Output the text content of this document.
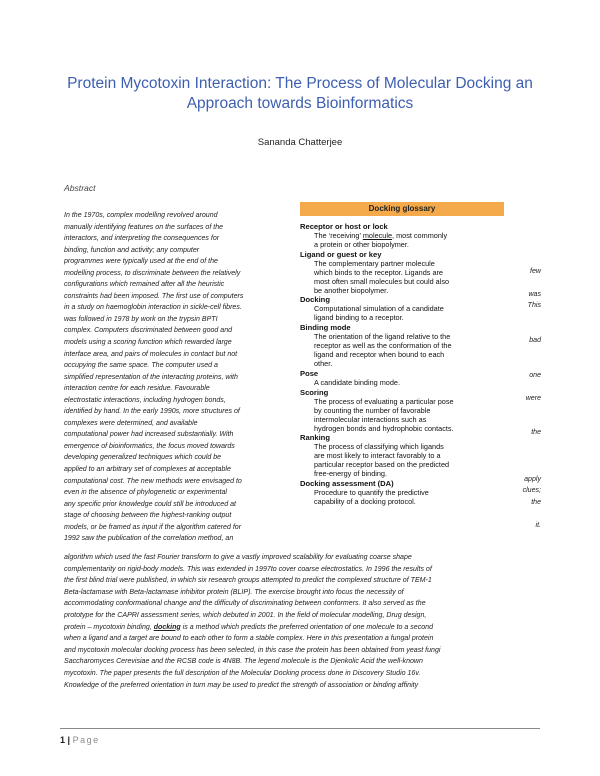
Protein Mycotoxin Interaction: The Process of Molecular Docking an Approach towards Bioinformatics
Sananda Chatterjee
Abstract
In the 1970s, complex modelling revolved around
manually identifying features on the surfaces of the
interactors, and interpreting the consequences for
binding, function and activity; any computer
programmes were typically used at the end of the
modelling process, to discriminate between the relatively
configurations which remained after all the heuristic
constraints had been imposed. The first use of computers
in a study on haemoglobin interaction in sickle-cell fibres.
was followed in 1978 by work on the trypsin BPTI
complex. Computers discriminated between good and
models using a scoring function which rewarded large
interface area, and pairs of molecules in contact but not
occupying the same space. The computer used a
simplified representation of the interacting proteins, with
interaction centre for each residue. Favourable
electrostatic interactions, including hydrogen bonds,
identified by hand. In the early 1990s, more structures of
complexes were determined, and available
computational power had increased substantially. With
emergence of bioinformatics, the focus moved towards
developing generalized techniques which could be
applied to an arbitrary set of complexes at acceptable
computational cost. The new methods were envisaged to
even in the absence of phylogenetic or experimental
any specific prior knowledge could still be introduced at
stage of choosing between the highest-ranking output
models, or be framed as input if the algorithm catered for
1992 saw the publication of the correlation method, an
Docking glossary
Receptor or host or lock
The ‘receiving’ molecule, most commonly
a protein or other biopolymer.
Ligand or guest or key
The complementary partner molecule
which binds to the receptor. Ligands are
most often small molecules but could also
be another biopolymer.
Docking
Computational simulation of a candidate
ligand binding to a receptor.
Binding mode
The orientation of the ligand relative to the
receptor as well as the conformation of the
ligand and receptor when bound to each
other.
Pose
A candidate binding mode.
Scoring
The process of evaluating a particular pose
by counting the number of favorable
intermolecular interactions such as
hydrogen bonds and hydrophobic contacts.
Ranking
The process of classifying which ligands
are most likely to interact favorably to a
particular receptor based on the predicted
free-energy of binding.
Docking assessment (DA)
Procedure to quantify the predictive
capability of a docking protocol.
few
was
This
bad
one
were
the
apply
clues;
the
it.
algorithm which used the fast Fourier transform to give a vastly improved scalability for evaluating coarse shape
complementarity on rigid-body models. This was extended in 1997to cover coarse electrostatics. In 1996 the results of
the first blind trial were published, in which six research groups attempted to predict the complexed structure of TEM-1
Beta-lactamase with Beta-lactamase inhibitor protein (BLIP). The exercise brought into focus the necessity of
accommodating conformational change and the difficulty of discriminating between conformers. It also served as the
prototype for the CAPRI assessment series, which debuted in 2001. In the field of molecular modelling, Drug design,
protein – mycotoxin binding, docking is a method which predicts the preferred orientation of one molecule to a second
when a ligand and a target are bound to each other to form a stable complex. Here in this presentation a fungal protein
and mycotoxin molecular docking process has been selected, in this case the protein has been obtained from yeast fungi
Saccharomyces Cerevisiae and the RCSB code is 4N8B. The legend molecule is the Djenkolic Acid the well-known
mycotoxin. The paper presents the full description of the Molecular Docking process done in Discovery Studio 16v.
Knowledge of the preferred orientation in turn may be used to predict the strength of association or binding affinity
1 | Page
